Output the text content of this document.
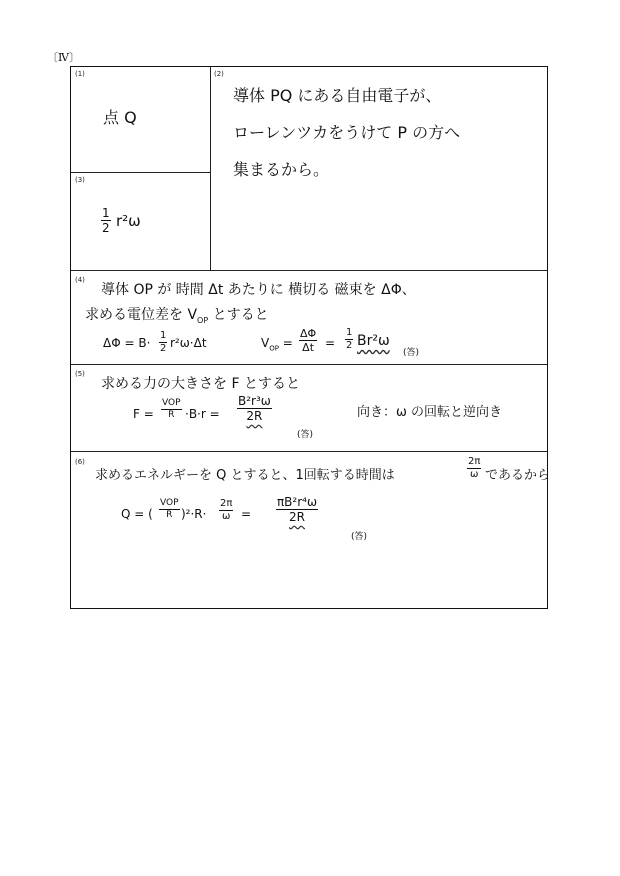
〔Ⅳ〕
(1)
点 Q
(2)
導体 PQ にある自由電子が、
ローレンツカをうけて P の方へ
集まるから。
(3)
$\frac{1}{2} r^2\omega$
(4)
導体 OP が 時間 Δt あたりに 横切る 磁束を ΔΦ、
求める電位差を $V_{OP}$ とすると
$\Delta\Phi = B\cdot \frac{1}{2} r^2\omega\cdot\Delta t$	$V_{OP} = \frac{\Delta\Phi}{\Delta t} = \frac{1}{2} Br^2\omega$
(答)
(5)
求める力の大きさを F とすると
F =
VOP
$R \cdot B\cdot r = \frac{\text{B²r³ω}}{2R}$
(答)
向き：ω の回転と逆向き
(6)
求めるエネルギーを Q とすると、1回転する時間は	$\frac{2\pi}{\omega}$ であるから
Q = (
VOP
R )$^2\cdot R\cdot \frac{2\pi}{\omega} = \frac{\text{πB²r⁴ω}}{2R}$
(答)
